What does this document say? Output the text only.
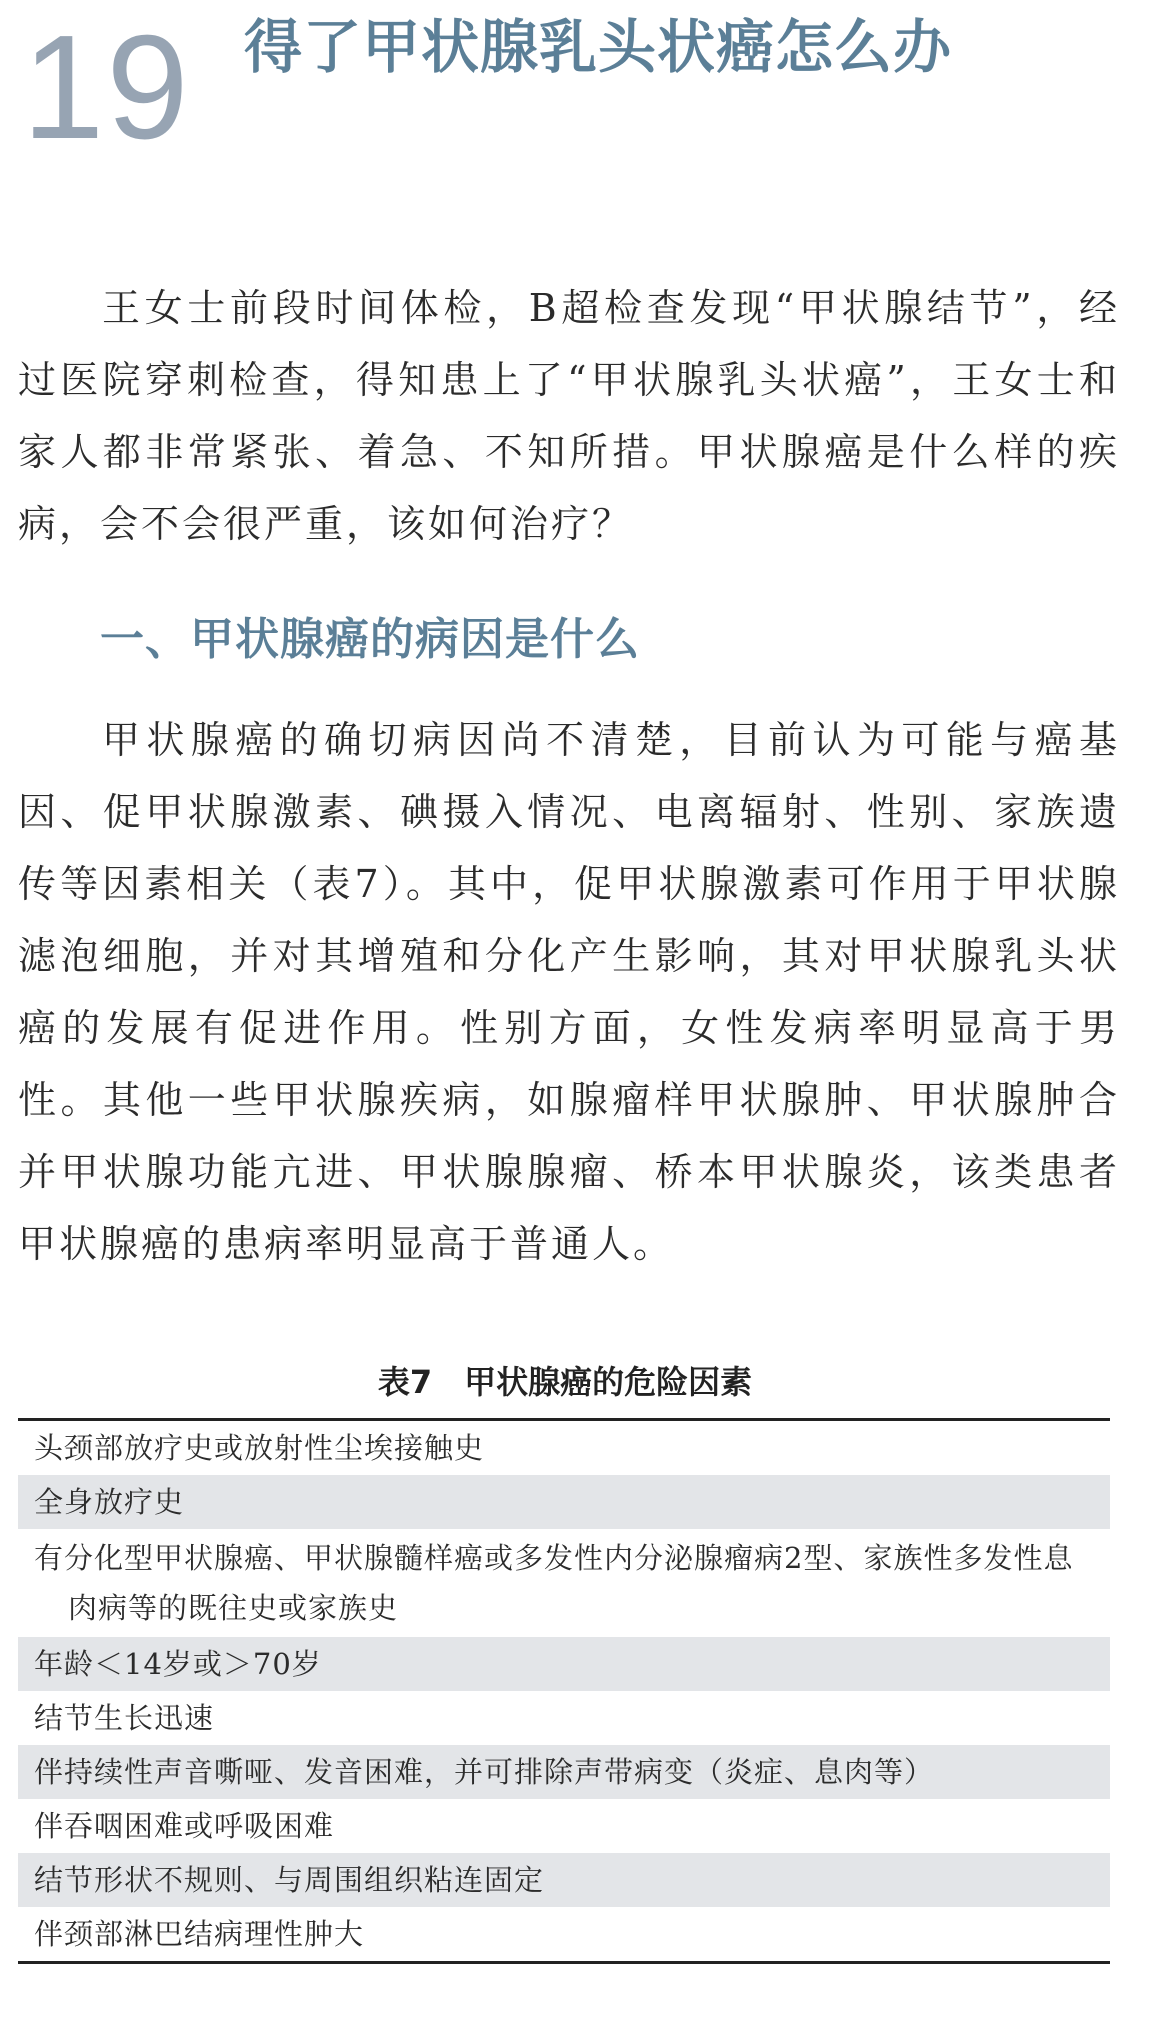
19 得了甲状腺乳头状癌怎么办

王女士前段时间体检，B超检查发现“甲状腺结节”，经过医院穿刺检查，得知患上了“甲状腺乳头状癌”，王女士和家人都非常紧张、着急、不知所措。甲状腺癌是什么样的疾病，会不会很严重，该如何治疗？

一、甲状腺癌的病因是什么

甲状腺癌的确切病因尚不清楚，目前认为可能与癌基因、促甲状腺激素、碘摄入情况、电离辐射、性别、家族遗传等因素相关（表7）。其中，促甲状腺激素可作用于甲状腺滤泡细胞，并对其增殖和分化产生影响，其对甲状腺乳头状癌的发展有促进作用。性别方面，女性发病率明显高于男性。其他一些甲状腺疾病，如腺瘤样甲状腺肿、甲状腺肿合并甲状腺功能亢进、甲状腺腺瘤、桥本甲状腺炎，该类患者甲状腺癌的患病率明显高于普通人。

表7　甲状腺癌的危险因素
头颈部放疗史或放射性尘埃接触史
全身放疗史
有分化型甲状腺癌、甲状腺髓样癌或多发性内分泌腺瘤病2型、家族性多发性息肉病等的既往史或家族史
年龄＜14岁或＞70岁
结节生长迅速
伴持续性声音嘶哑、发音困难，并可排除声带病变（炎症、息肉等）
伴吞咽困难或呼吸困难
结节形状不规则、与周围组织粘连固定
伴颈部淋巴结病理性肿大
